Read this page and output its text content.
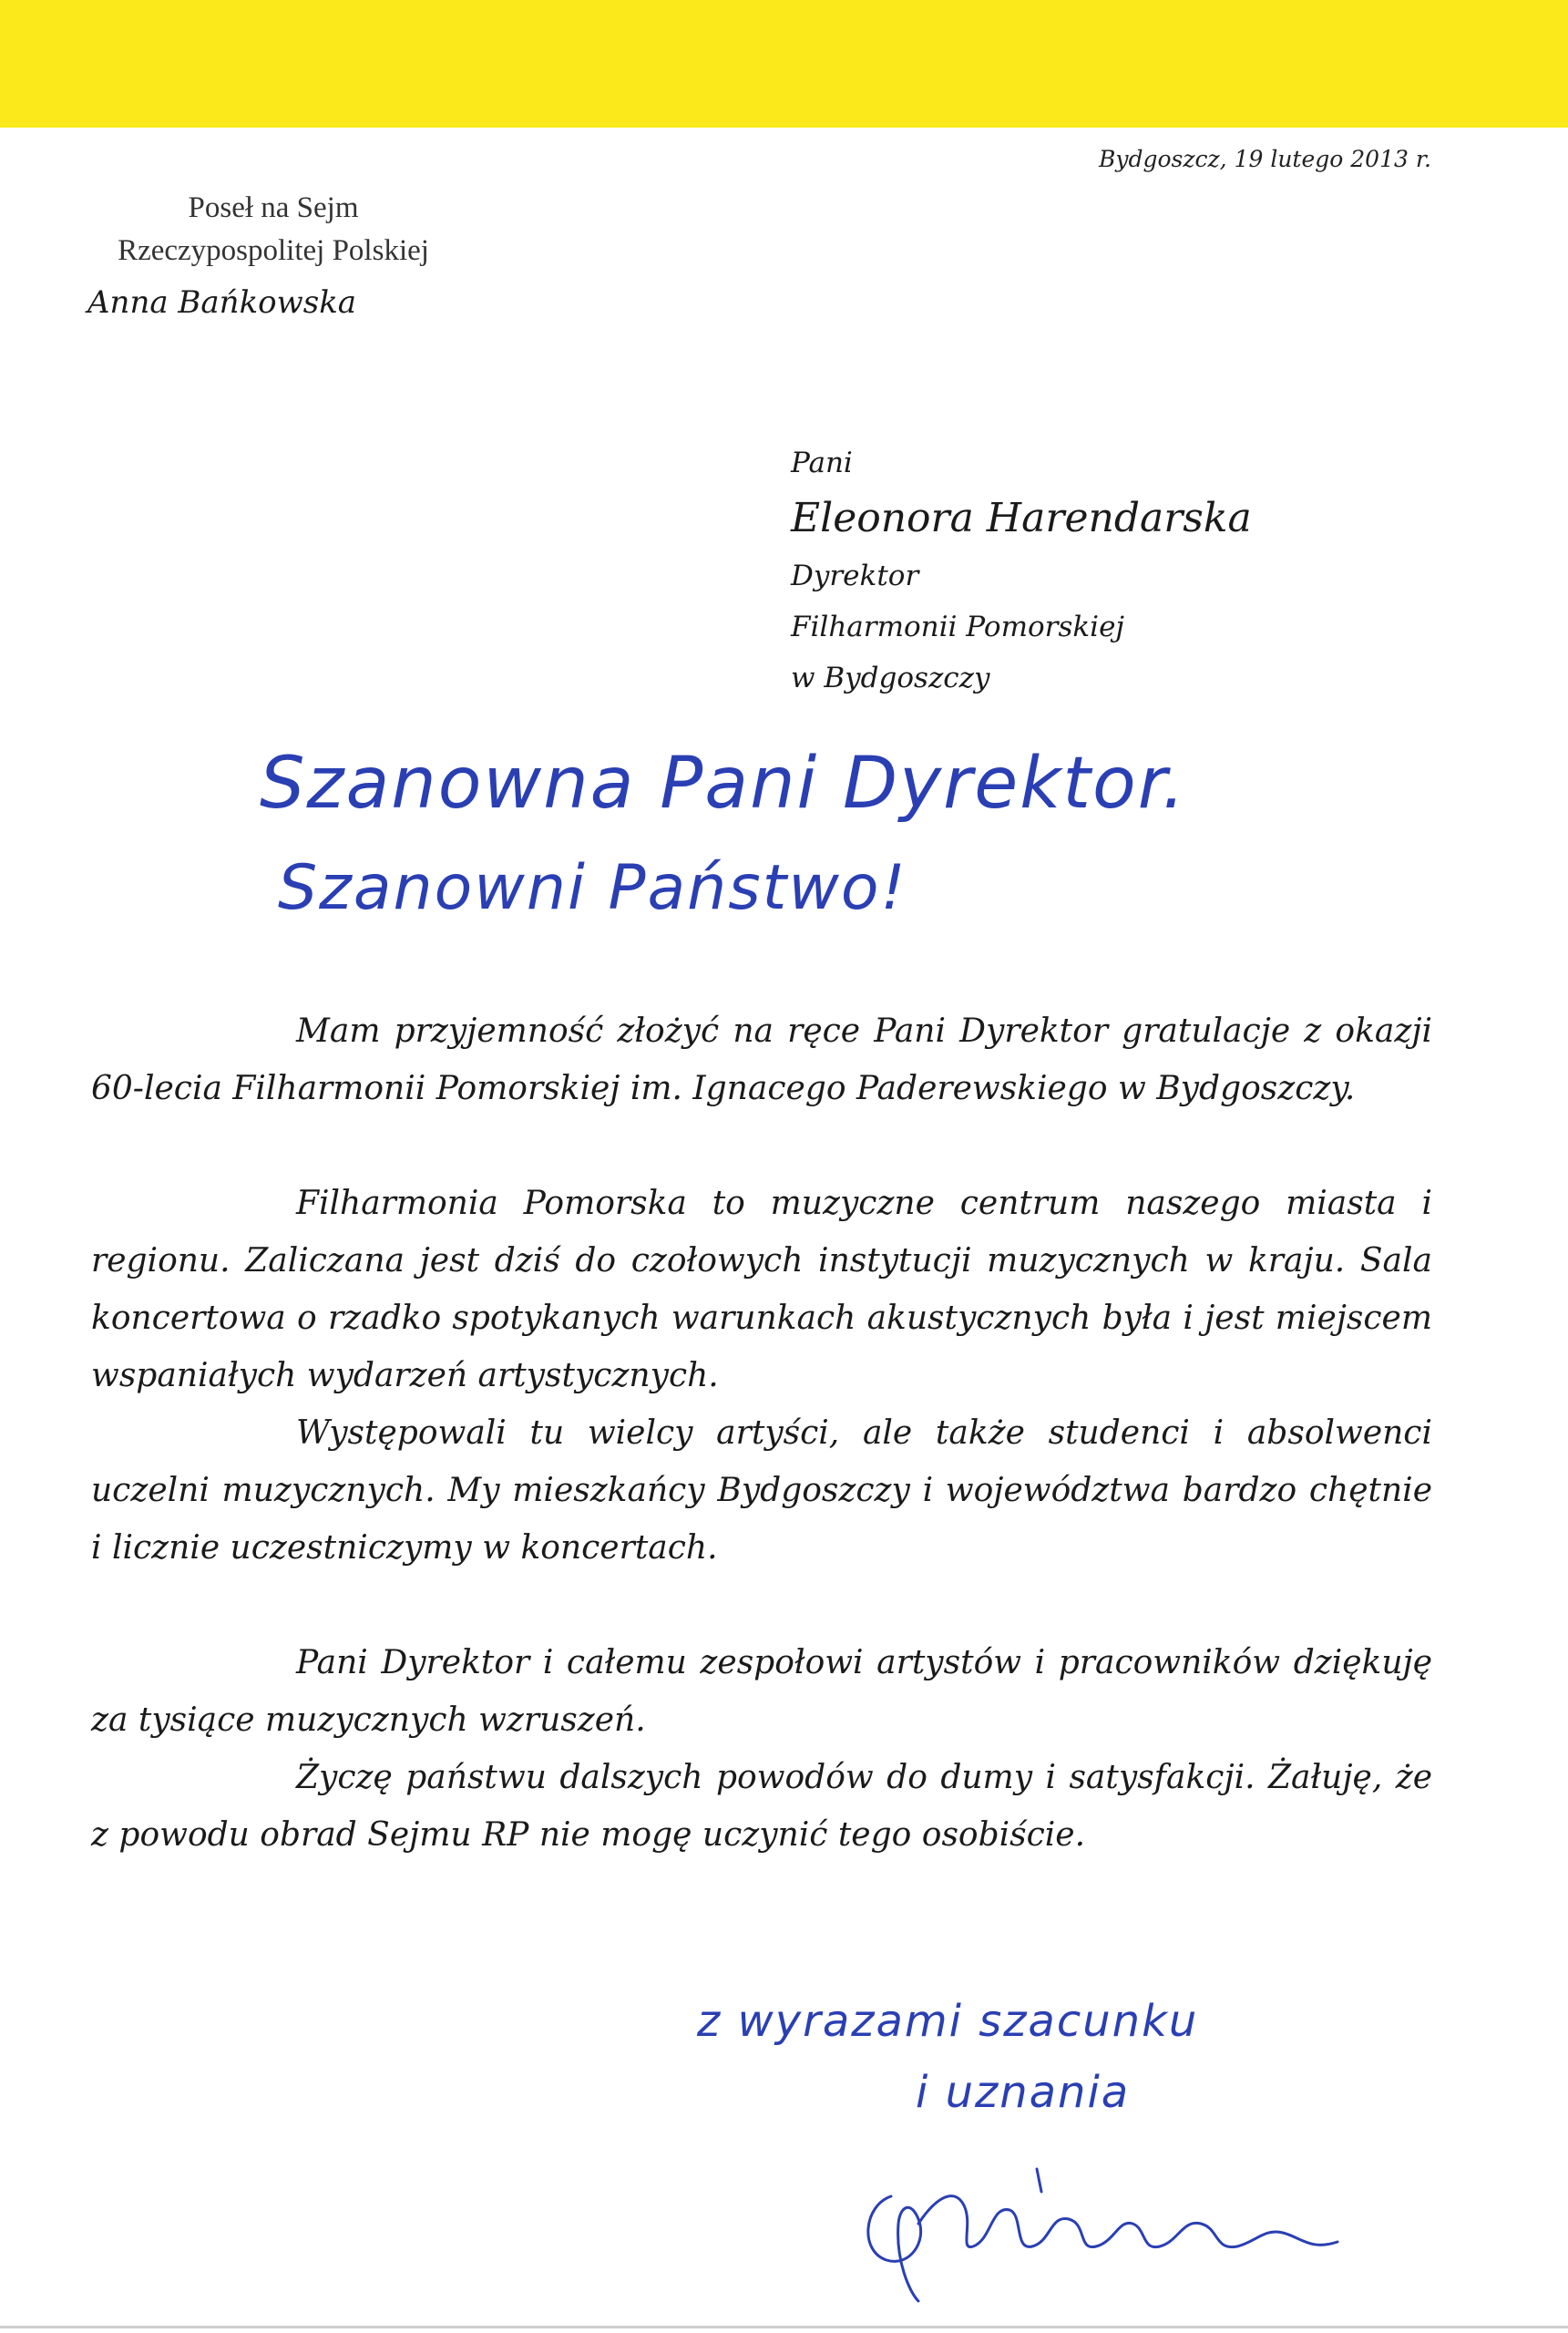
Bydgoszcz, 19 lutego 2013 r.

Poseł na Sejm
Rzeczypospolitej Polskiej

Anna Bańkowska

Pani
Eleonora Harendarska
Dyrektor
Filharmonii Pomorskiej
w Bydgoszczy

Szanowna Pani Dyrektor.

Szanowni Państwo!

Mam przyjemność złożyć na ręce Pani Dyrektor gratulacje z okazji 60-lecia Filharmonii Pomorskiej im. Ignacego Paderewskiego w Bydgoszczy.

Filharmonia Pomorska to muzyczne centrum naszego miasta i regionu. Zaliczana jest dziś do czołowych instytucji muzycznych w kraju. Sala koncertowa o rzadko spotykanych warunkach akustycznych była i jest miejscem wspaniałych wydarzeń artystycznych.

Występowali tu wielcy artyści, ale także studenci i absolwenci uczelni muzycznych. My mieszkańcy Bydgoszczy i województwa bardzo chętnie i licznie uczestniczymy w koncertach.

Pani Dyrektor i całemu zespołowi artystów i pracowników dziękuję za tysiące muzycznych wzruszeń.

Życzę państwu dalszych powodów do dumy i satysfakcji. Żałuję, że z powodu obrad Sejmu RP nie mogę uczynić tego osobiście.

z wyrazami szacunku

i uznania
